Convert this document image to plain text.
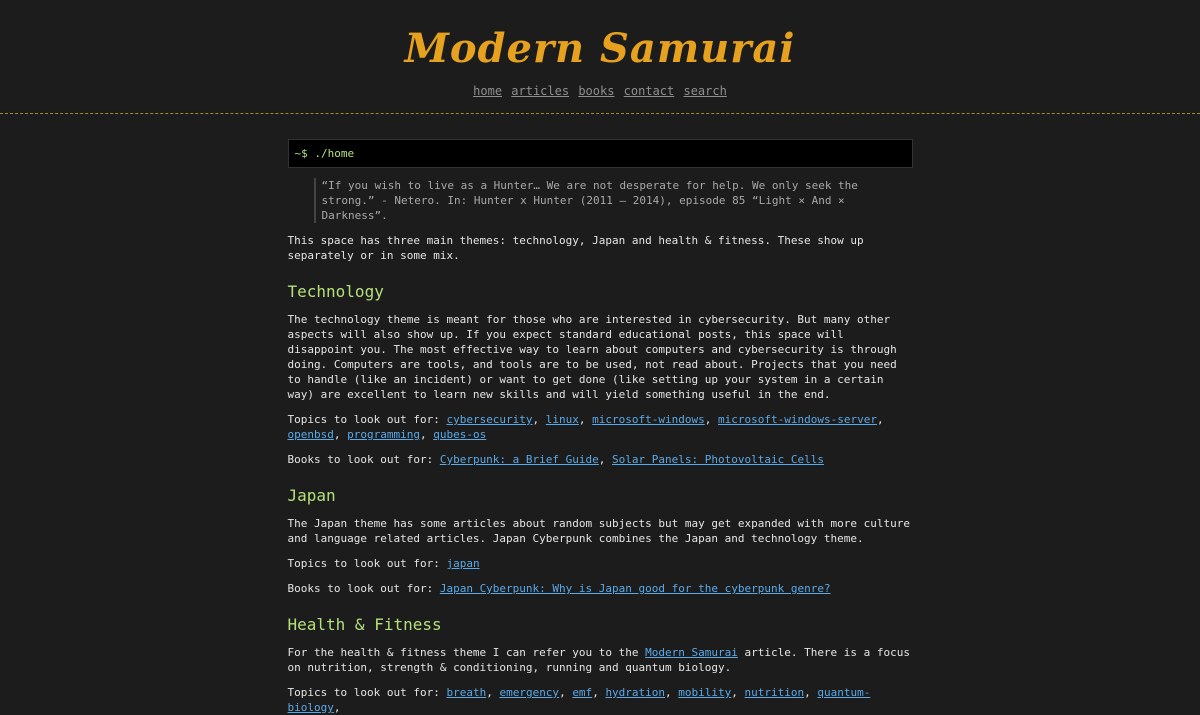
Modern Samurai
home articles books contact search
~$ ./home
“If you wish to live as a Hunter… We are not desperate for help. We only seek the strong.” - Netero. In: Hunter x Hunter (2011 – 2014), episode 85 “Light × And × Darkness”.

This space has three main themes: technology, Japan and health & fitness. These show up separately or in some mix.

Technology

The technology theme is meant for those who are interested in cybersecurity. But many other aspects will also show up. If you expect standard educational posts, this space will disappoint you. The most effective way to learn about computers and cybersecurity is through doing. Computers are tools, and tools are to be used, not read about. Projects that you need to handle (like an incident) or want to get done (like setting up your system in a certain way) are excellent to learn new skills and will yield something useful in the end.

Topics to look out for: cybersecurity, linux, microsoft-windows, microsoft-windows-server, openbsd, programming, qubes-os

Books to look out for: Cyberpunk: a Brief Guide, Solar Panels: Photovoltaic Cells

Japan

The Japan theme has some articles about random subjects but may get expanded with more culture and language related articles. Japan Cyberpunk combines the Japan and technology theme.

Topics to look out for: japan

Books to look out for: Japan Cyberpunk: Why is Japan good for the cyberpunk genre?

Health & Fitness

For the health & fitness theme I can refer you to the Modern Samurai article. There is a focus on nutrition, strength & conditioning, running and quantum biology.

Topics to look out for: breath, emergency, emf, hydration, mobility, nutrition, quantum-biology,
